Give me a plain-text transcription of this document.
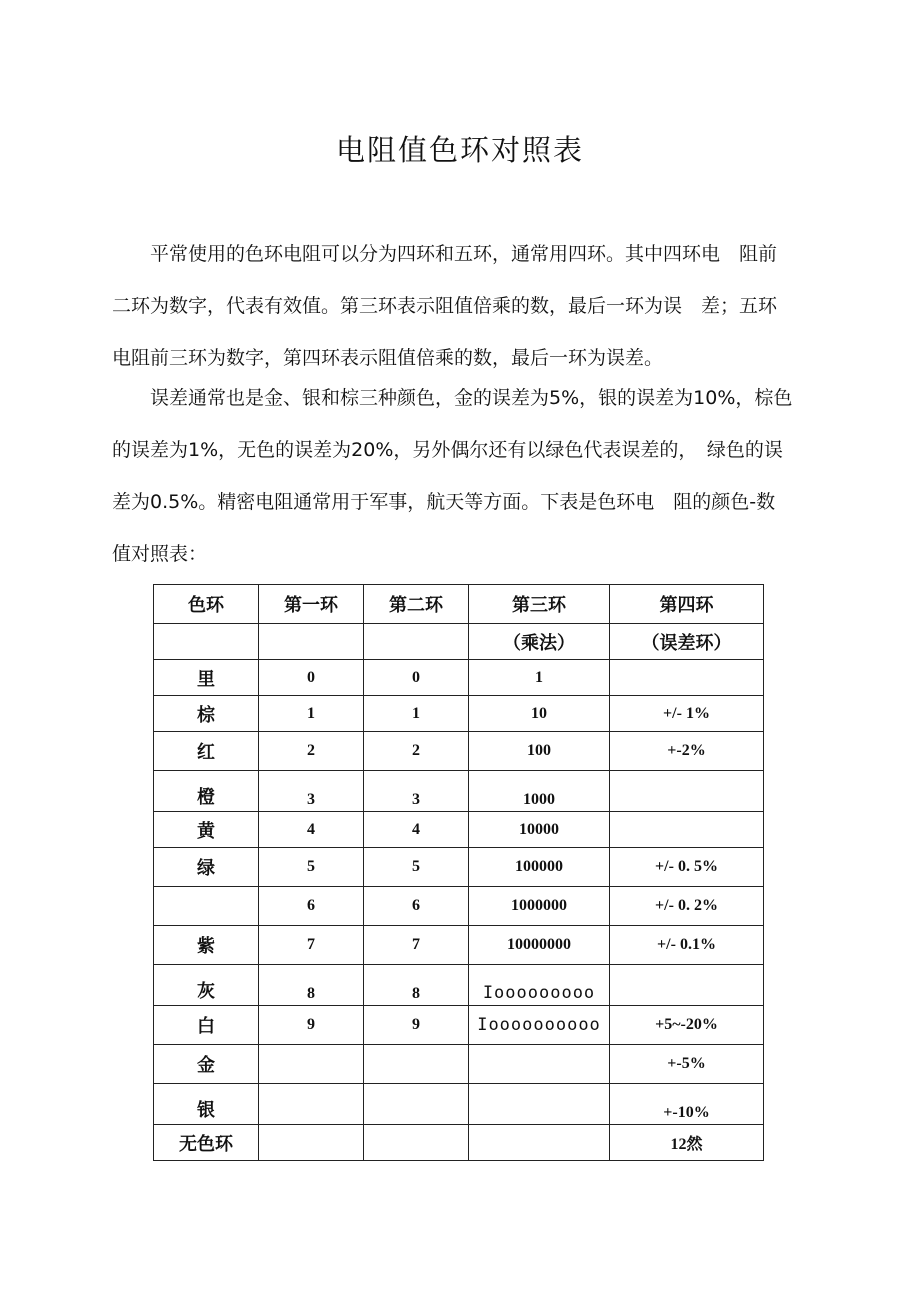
电阻值色环对照表
平常使用的色环电阻可以分为四环和五环，通常用四环。其中四环电　阻前
二环为数字，代表有效值。第三环表示阻值倍乘的数，最后一环为误　差；五环
电阻前三环为数字，第四环表示阻值倍乘的数，最后一环为误差。
误差通常也是金、银和棕三种颜色，金的误差为5%，银的误差为10%，棕色
的误差为1%，无色的误差为20%，另外偶尔还有以绿色代表误差的，　绿色的误
差为0.5%。精密电阻通常用于军事，航天等方面。下表是色环电　阻的颜色-数
值对照表：
色环	第一环	第二环	第三环	第四环
			（乘法）	（误差环）
里	0	0	1	
棕	1	1	10	+/- 1%
红	2	2	100	+-2%
橙	3	3	1000	
黄	4	4	10000	
绿	5	5	100000	+/- 0. 5%
	6	6	1000000	+/- 0. 2%
紫	7	7	10000000	+/- 0.1%
灰	8	8	Iooooooooo	
白	9	9	Ioooooooooo	+5~-20%
金				+-5%
银				+-10%
无色环				12然
